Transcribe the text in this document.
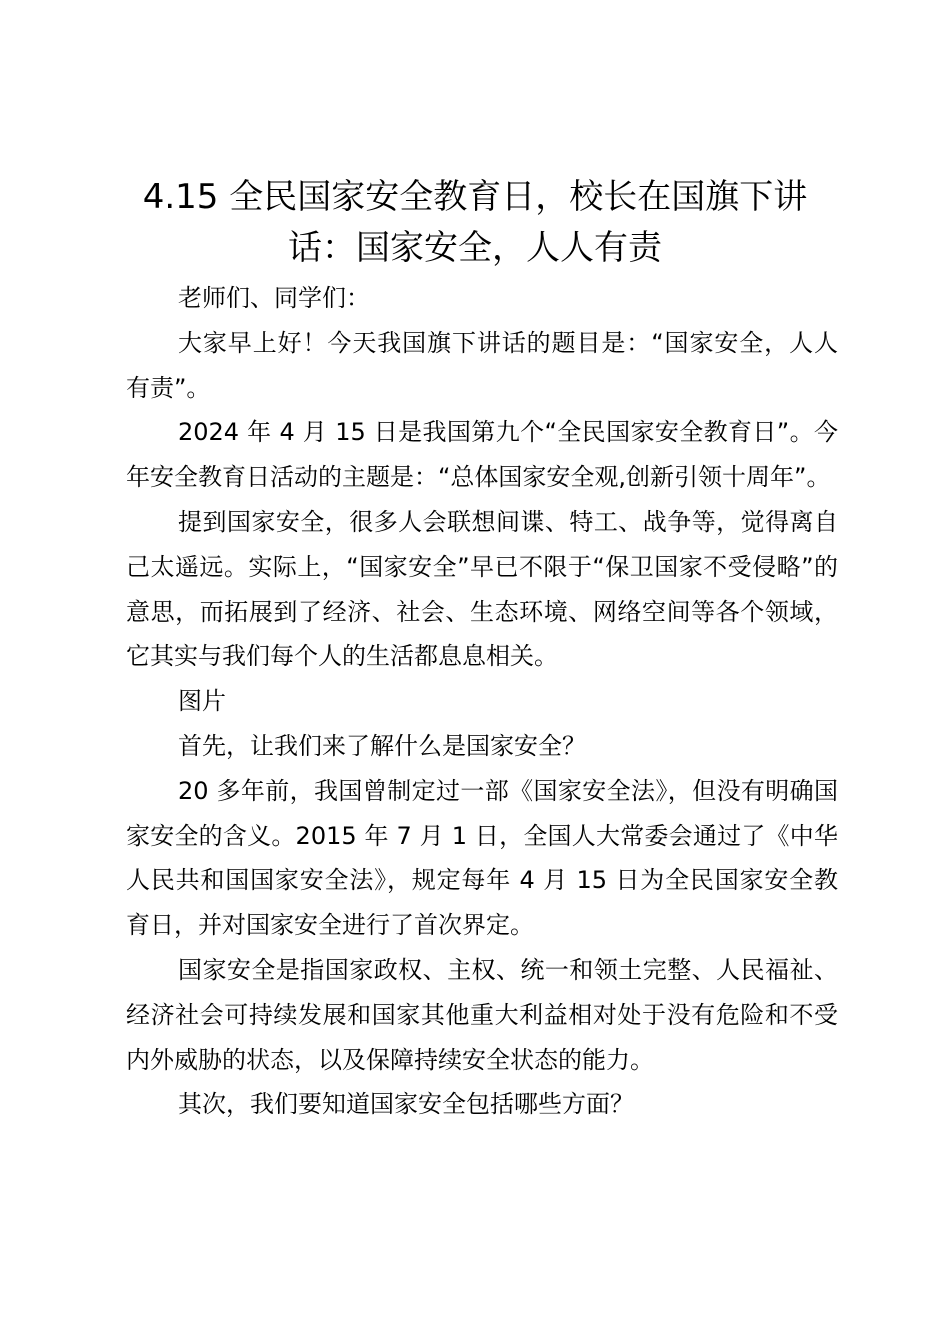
4.15 全民国家安全教育日，校长在国旗下讲话：国家安全，人人有责

老师们、同学们：

大家早上好！今天我国旗下讲话的题目是：“国家安全，人人有责”。

2024 年 4 月 15 日是我国第九个“全民国家安全教育日”。今年安全教育日活动的主题是：“总体国家安全观,创新引领十周年”。

提到国家安全，很多人会联想间谍、特工、战争等，觉得离自己太遥远。实际上，“国家安全”早已不限于“保卫国家不受侵略”的意思，而拓展到了经济、社会、生态环境、网络空间等各个领域，它其实与我们每个人的生活都息息相关。

图片

首先，让我们来了解什么是国家安全？

20 多年前，我国曾制定过一部《国家安全法》，但没有明确国家安全的含义。2015 年 7 月 1 日，全国人大常委会通过了《中华人民共和国国家安全法》，规定每年 4 月 15 日为全民国家安全教育日，并对国家安全进行了首次界定。

国家安全是指国家政权、主权、统一和领土完整、人民福祉、经济社会可持续发展和国家其他重大利益相对处于没有危险和不受内外威胁的状态，以及保障持续安全状态的能力。

其次，我们要知道国家安全包括哪些方面？
